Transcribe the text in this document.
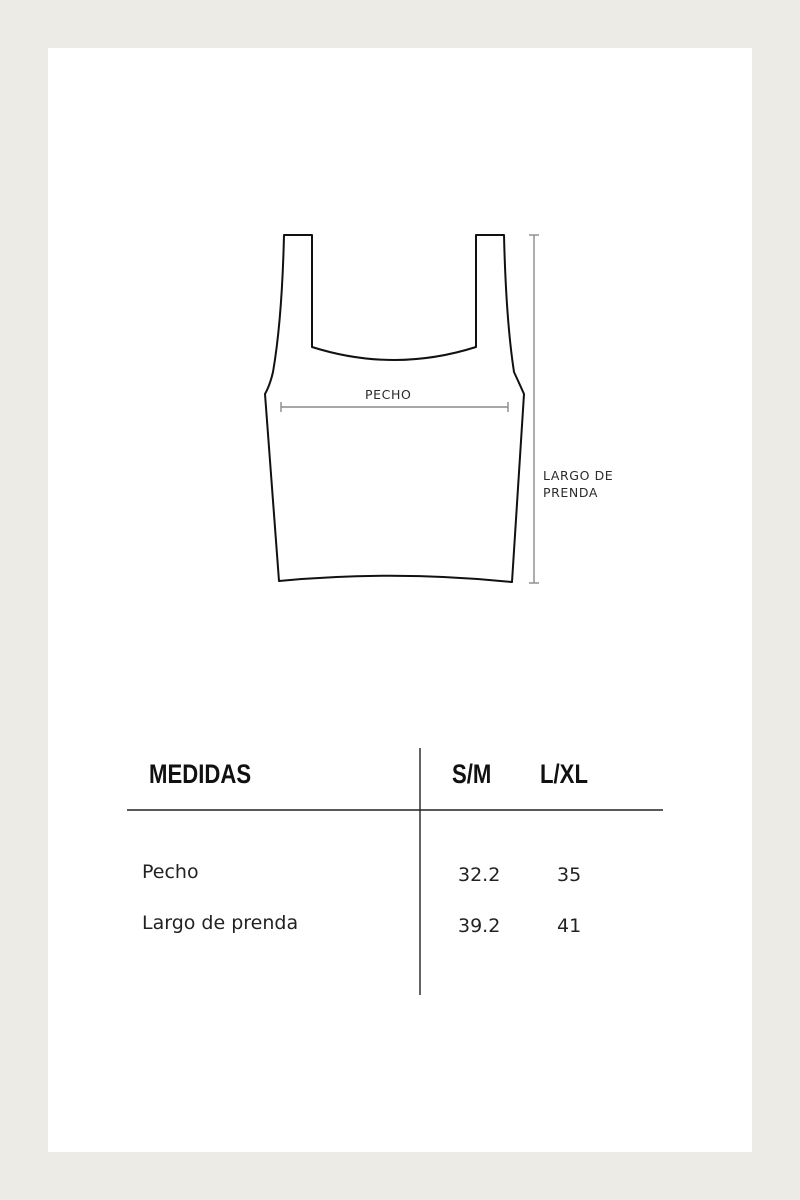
PECHO
LARGO DE
PRENDA
MEDIDAS	S/M L/XL
Pecho	32.2	35
Largo de prenda	39.2	41
